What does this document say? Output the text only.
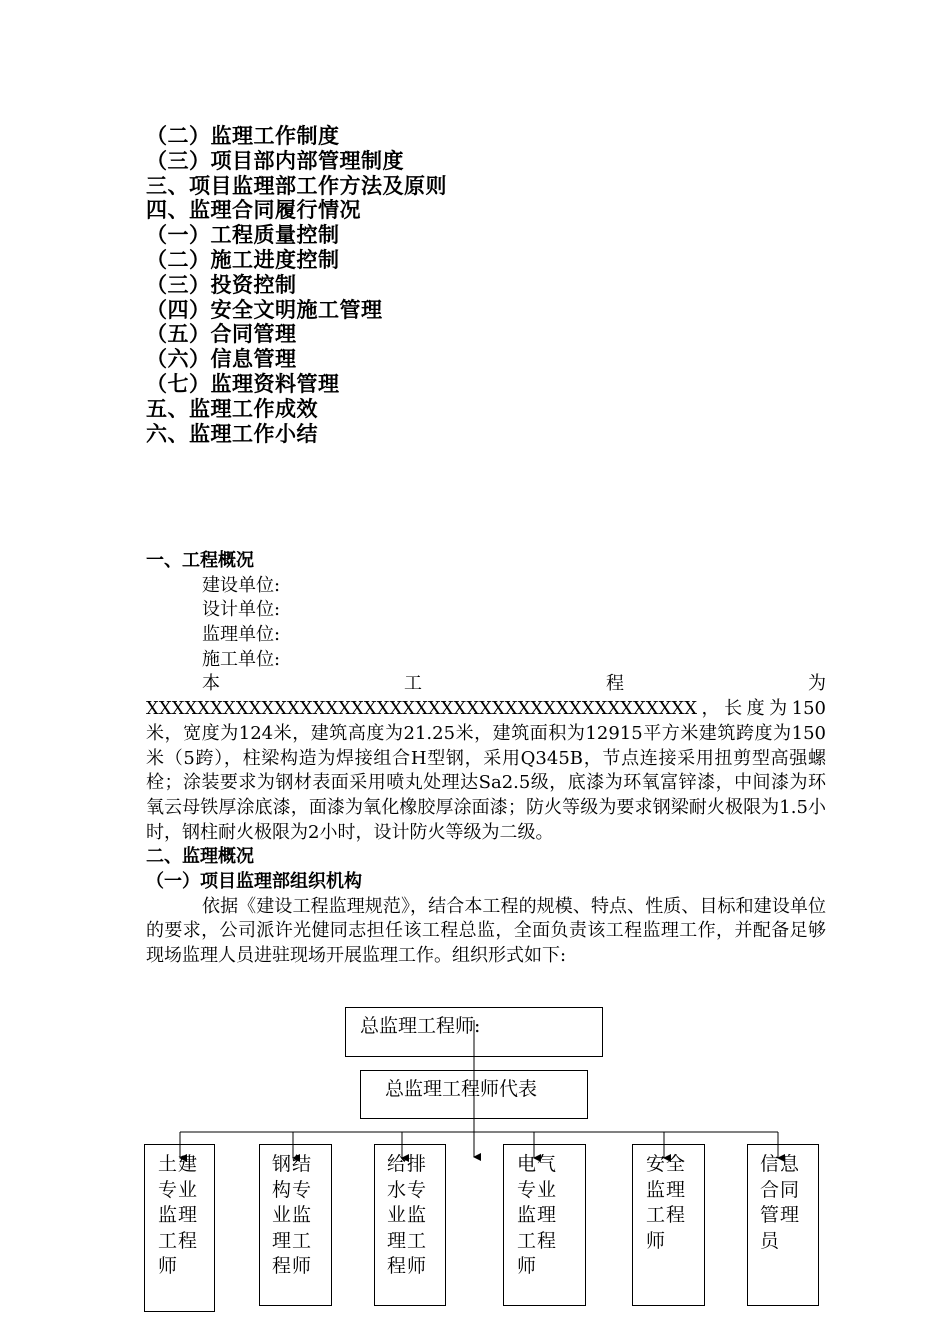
（二）监理工作制度
（三）项目部内部管理制度
三、项目监理部工作方法及原则
四、监理合同履行情况
（一）工程质量控制
（二）施工进度控制
（三）投资控制
（四）安全文明施工管理
（五）合同管理
（六）信息管理
（七）监理资料管理
五、监理工作成效
六、监理工作小结
一、工程概况
建设单位:
设计单位:
监理单位:
施工单位:
本工程为XXXXXXXXXXXXXXXXXXXXXXXXXXXXXXXXXXXXXXXXXXX，长度为150米，宽度为124米，建筑高度为21.25米，建筑面积为12915平方米建筑跨度为150米（5跨），柱梁构造为焊接组合H型钢，采用Q345B，节点连接采用扭剪型高强螺栓；涂装要求为钢材表面采用喷丸处理达Sa2.5级，底漆为环氧富锌漆，中间漆为环氧云母铁厚涂底漆，面漆为氧化橡胶厚涂面漆；防火等级为要求钢梁耐火极限为1.5小时，钢柱耐火极限为2小时，设计防火等级为二级。
二、监理概况
（一）项目监理部组织机构
依据《建设工程监理规范》，结合本工程的规模、特点、性质、目标和建设单位的要求，公司派许光健同志担任该工程总监，全面负责该工程监理工作，并配备足够现场监理人员进驻现场开展监理工作。组织形式如下:
总监理工程师:
总监理工程师代表
土建
专业
监理
工程
师
钢结
构专
业监
理工
程师
给排
水专
业监
理工
程师
电气
专业
监理
工程
师
安全
监理
工程
师
信息
合同
管理
员
